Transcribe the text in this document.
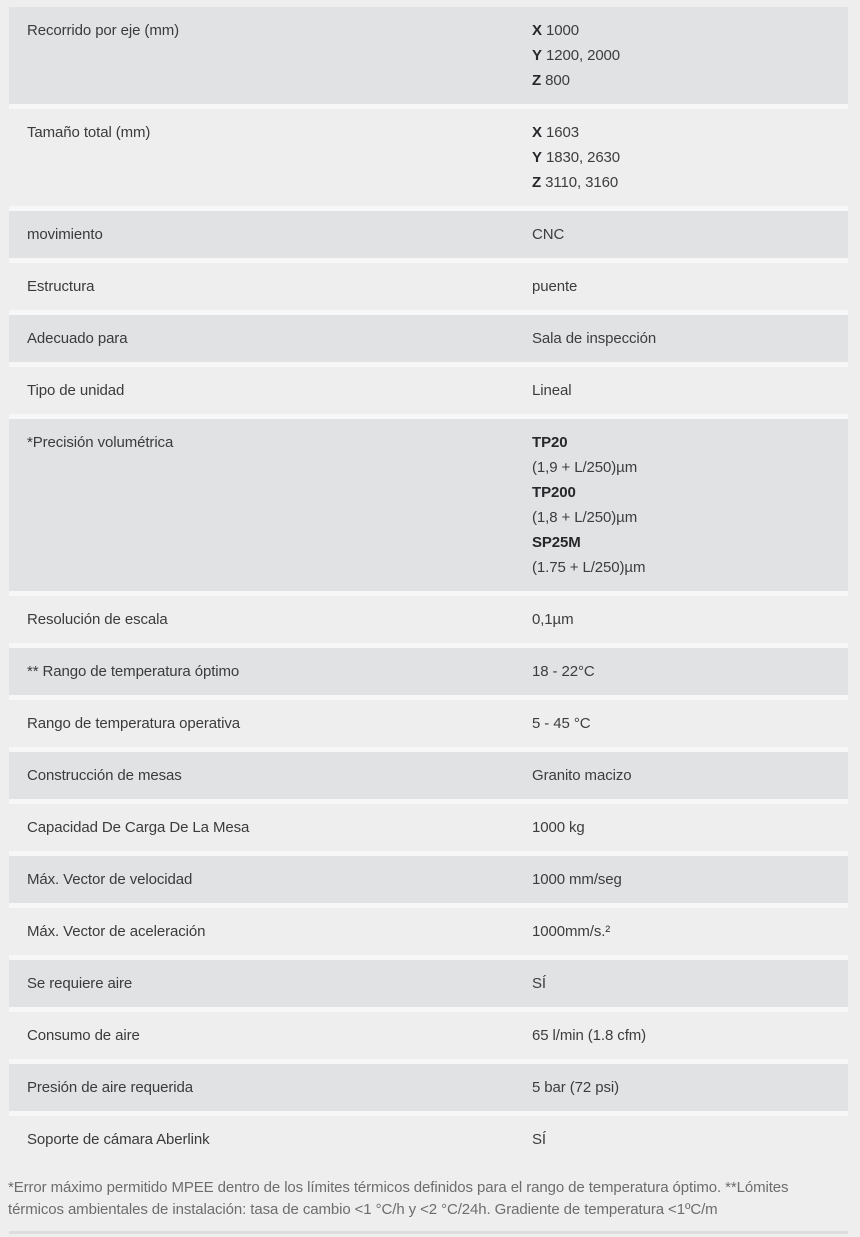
Recorrido por eje (mm)	X 1000
Y 1200, 2000
Z 800
Tamaño total (mm)	X 1603
Y 1830, 2630
Z 3110, 3160
movimiento	CNC
Estructura	puente
Adecuado para	Sala de inspección
Tipo de unidad	Lineal
*Precisión volumétrica	TP20
(1,9 + L/250)µm
TP200
(1,8 + L/250)µm
SP25M
(1.75 + L/250)µm
Resolución de escala	0,1µm
** Rango de temperatura óptimo	18 - 22°C
Rango de temperatura operativa	5 - 45 °C
Construcción de mesas	Granito macizo
Capacidad De Carga De La Mesa	1000 kg
Máx. Vector de velocidad	1000 mm/seg
Máx. Vector de aceleración	1000mm/s.²
Se requiere aire	SÍ
Consumo de aire	65 l/min (1.8 cfm)
Presión de aire requerida	5 bar (72 psi)
Soporte de cámara Aberlink	SÍ

*Error máximo permitido MPEE dentro de los límites térmicos definidos para el rango de temperatura óptimo. **Lómites térmicos ambientales de instalación: tasa de cambio <1 °C/h y <2 °C/24h. Gradiente de temperatura <1ºC/m
